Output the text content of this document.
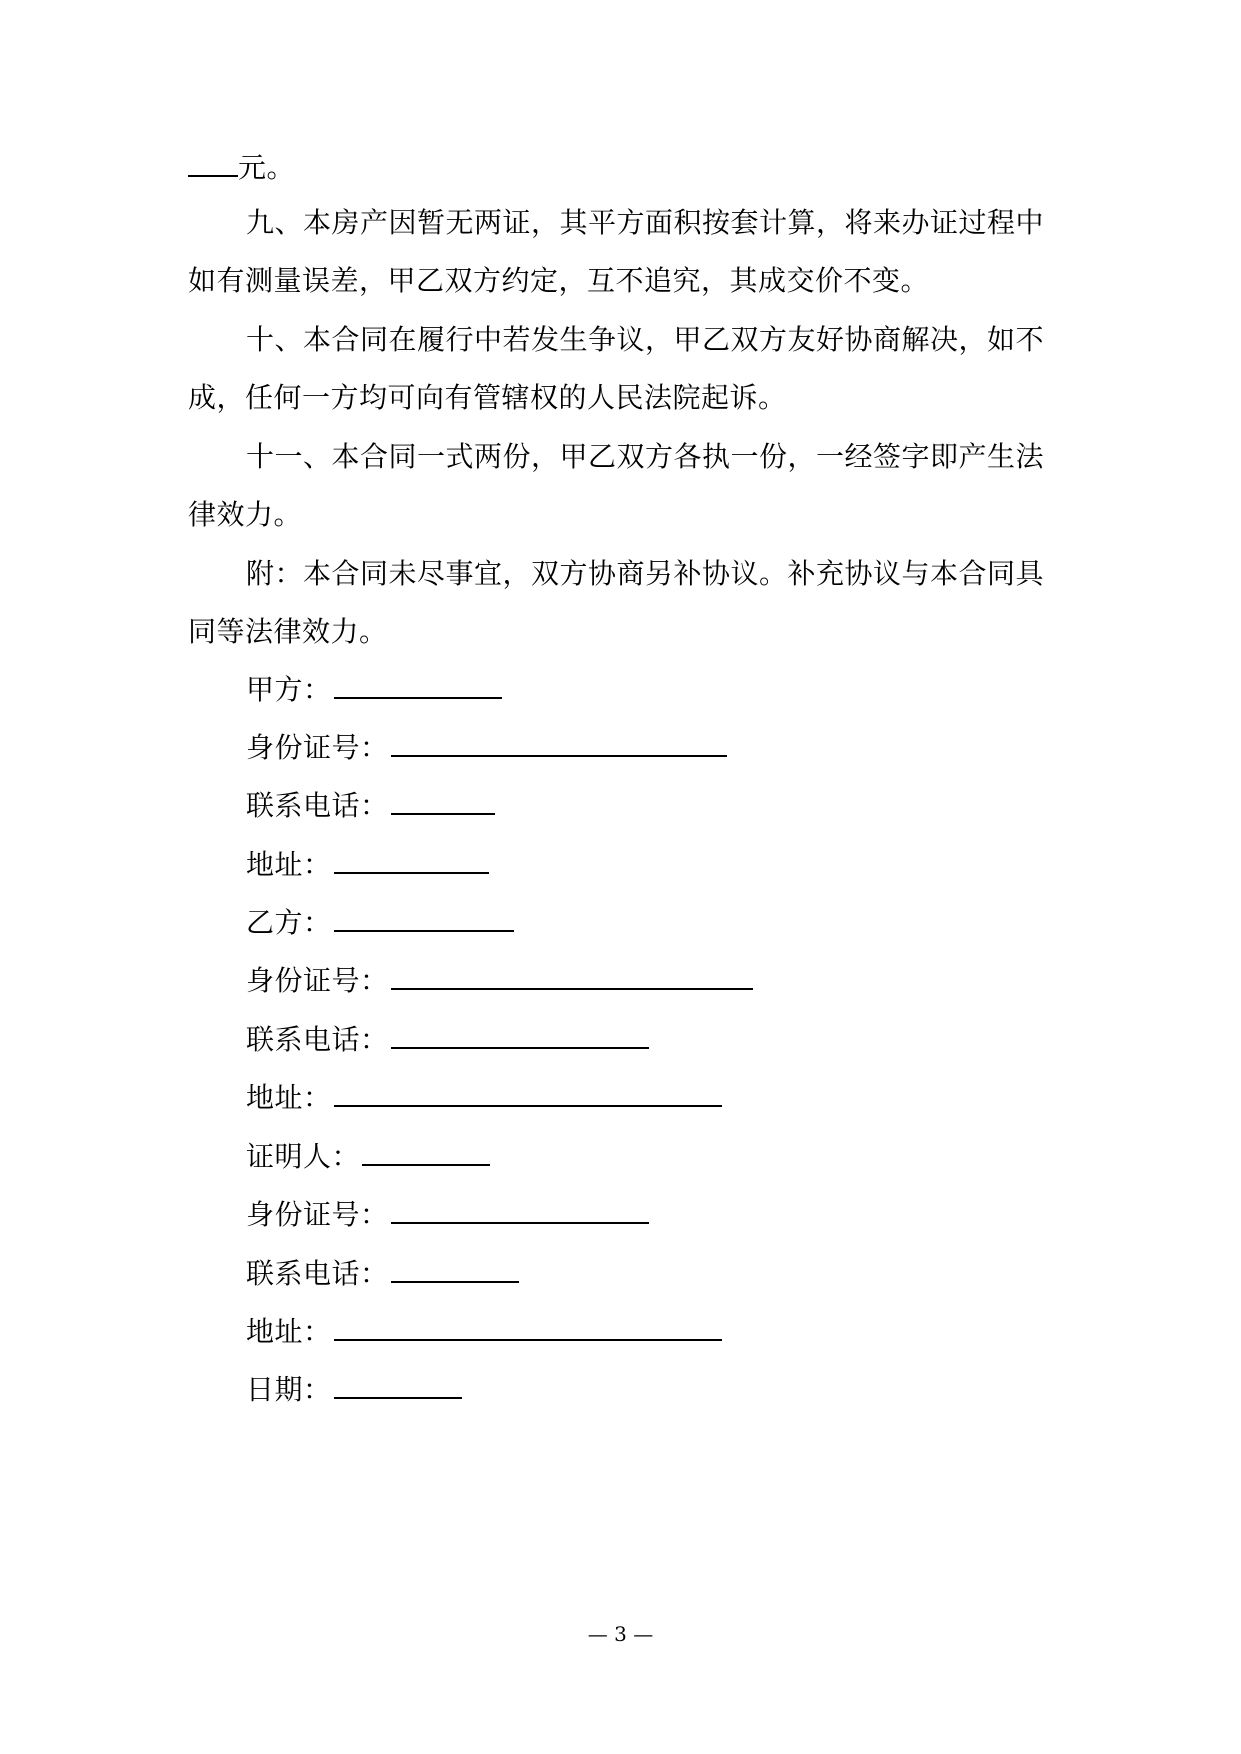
元。
九、本房产因暂无两证，其平方面积按套计算，将来办证过程中
如有测量误差，甲乙双方约定，互不追究，其成交价不变。
十、本合同在履行中若发生争议，甲乙双方友好协商解决，如不
成，任何一方均可向有管辖权的人民法院起诉。
十一、本合同一式两份，甲乙双方各执一份，一经签字即产生法
律效力。
附：本合同未尽事宜，双方协商另补协议。补充协议与本合同具
同等法律效力。
甲方：
身份证号：
联系电话：
地址：
乙方：
身份证号：
联系电话：
地址：
证明人：
身份证号：
联系电话：
地址：
日期：
— 3 —
